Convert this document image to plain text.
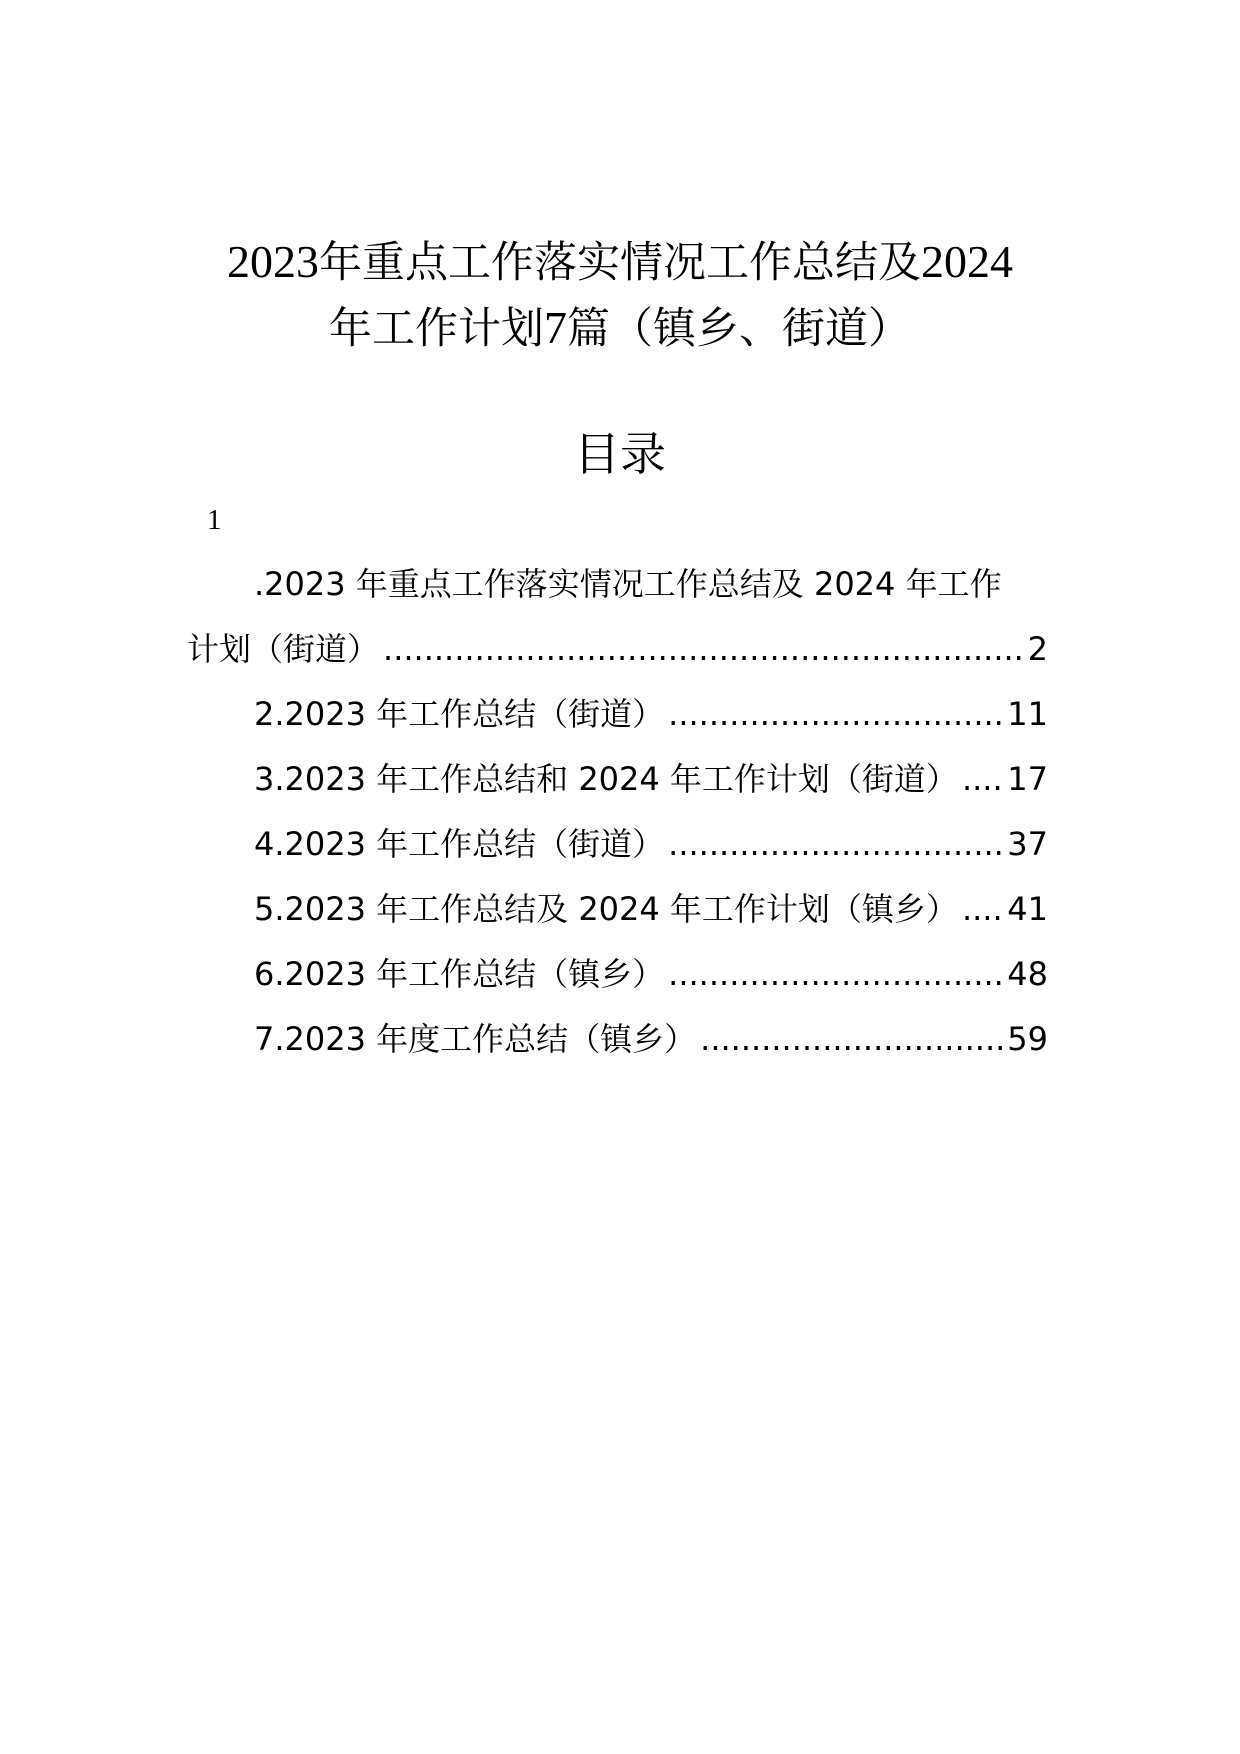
2023年重点工作落实情况工作总结及2024
年工作计划7篇（镇乡、街道）
目录
1
.2023 年重点工作落实情况工作总结及 2024 年工作
计划（街道） .....	2
2.2023 年工作总结（街道） .....	11
3.2023 年工作总结和 2024 年工作计划（街道） ..... 17
4.2023 年工作总结（街道） .....	37
5.2023 年工作总结及 2024 年工作计划（镇乡） ..... 41
6.2023 年工作总结（镇乡） .....	48
7.2023 年度工作总结（镇乡） .....	59
